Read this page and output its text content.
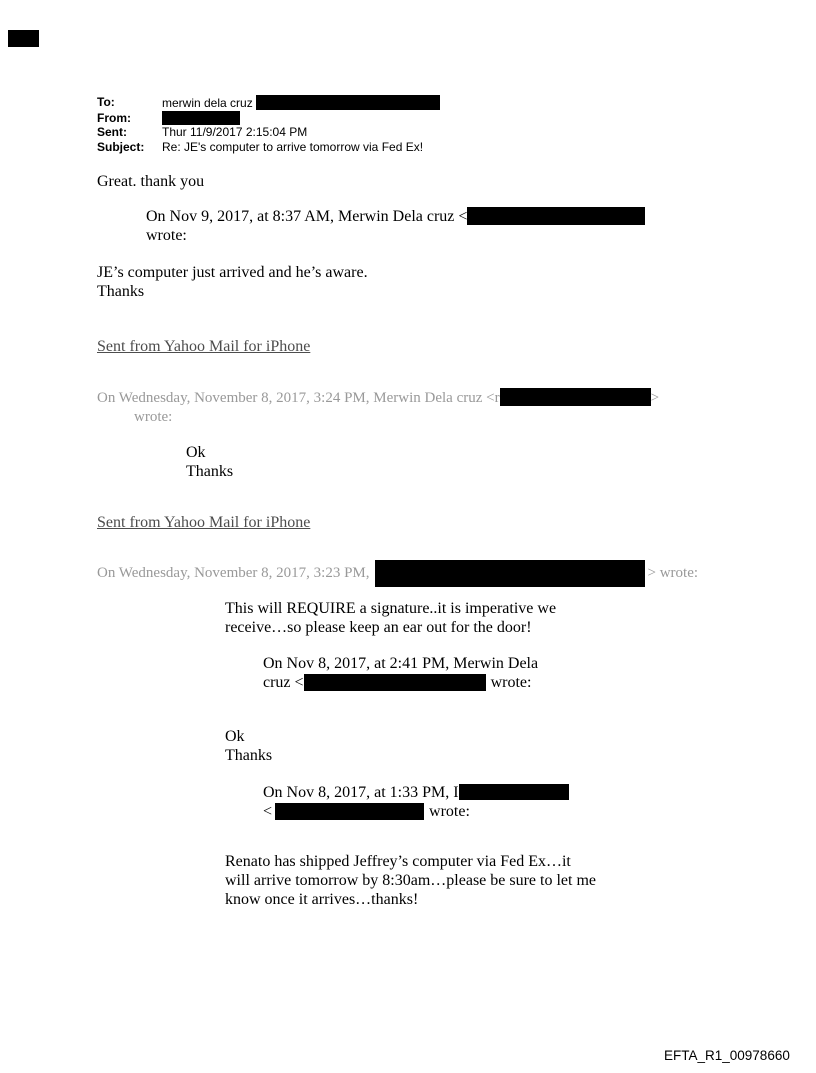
To:	merwin dela cruz
From:
Sent:	Thur 11/9/2017 2:15:04 PM
Subject:	Re: JE's computer to arrive tomorrow via Fed Ex!
Great. thank you
On Nov 9, 2017, at 8:37 AM, Merwin Dela cruz <
wrote:
JE’s computer just arrived and he’s aware.
Thanks
Sent from Yahoo Mail for iPhone
On Wednesday, November 8, 2017, 3:24 PM, Merwin Dela cruz <r	>
wrote:
Ok
Thanks
Sent from Yahoo Mail for iPhone
On Wednesday, November 8, 2017, 3:23 PM,	> wrote:
This will REQUIRE a signature..it is imperative we
receive…so please keep an ear out for the door!
On Nov 8, 2017, at 2:41 PM, Merwin Dela
cruz <	wrote:
Ok
Thanks
On Nov 8, 2017, at 1:33 PM, I
<	wrote:
Renato has shipped Jeffrey’s computer via Fed Ex…it
will arrive tomorrow by 8:30am…please be sure to let me
know once it arrives…thanks!
EFTA_R1_00978660
